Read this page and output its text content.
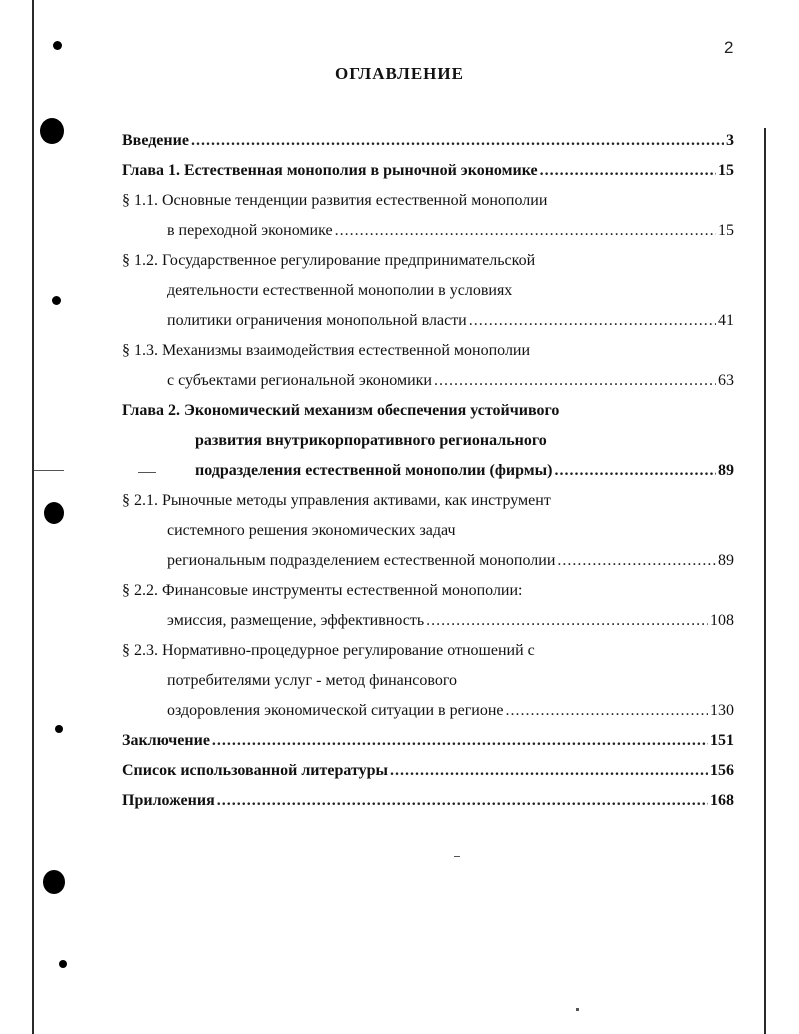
2
ОГЛАВЛЕНИЕ
Введение .....	3
Глава 1. Естественная монополия в рыночной экономике .....	15
§ 1.1. Основные тенденции развития естественной монополии
в переходной экономике .....	15
§ 1.2. Государственное регулирование предпринимательской
деятельности естественной монополии в условиях
политики ограничения монопольной власти .....	41
§ 1.3. Механизмы взаимодействия естественной монополии
с субъектами региональной экономики .....	63
Глава 2. Экономический механизм обеспечения устойчивого
развития внутрикорпоративного регионального
подразделения естественной монополии (фирмы) .....	89
§ 2.1. Рыночные методы управления активами, как инструмент
системного решения экономических задач
региональным подразделением естественной монополии .....	89
§ 2.2. Финансовые инструменты естественной монополии:
эмиссия, размещение, эффективность .....	108
§ 2.3. Нормативно-процедурное регулирование отношений с
потребителями услуг - метод финансового
оздоровления экономической ситуации в регионе .....	130
Заключение .....	151
Список использованной литературы .....	156
Приложения .....	168
